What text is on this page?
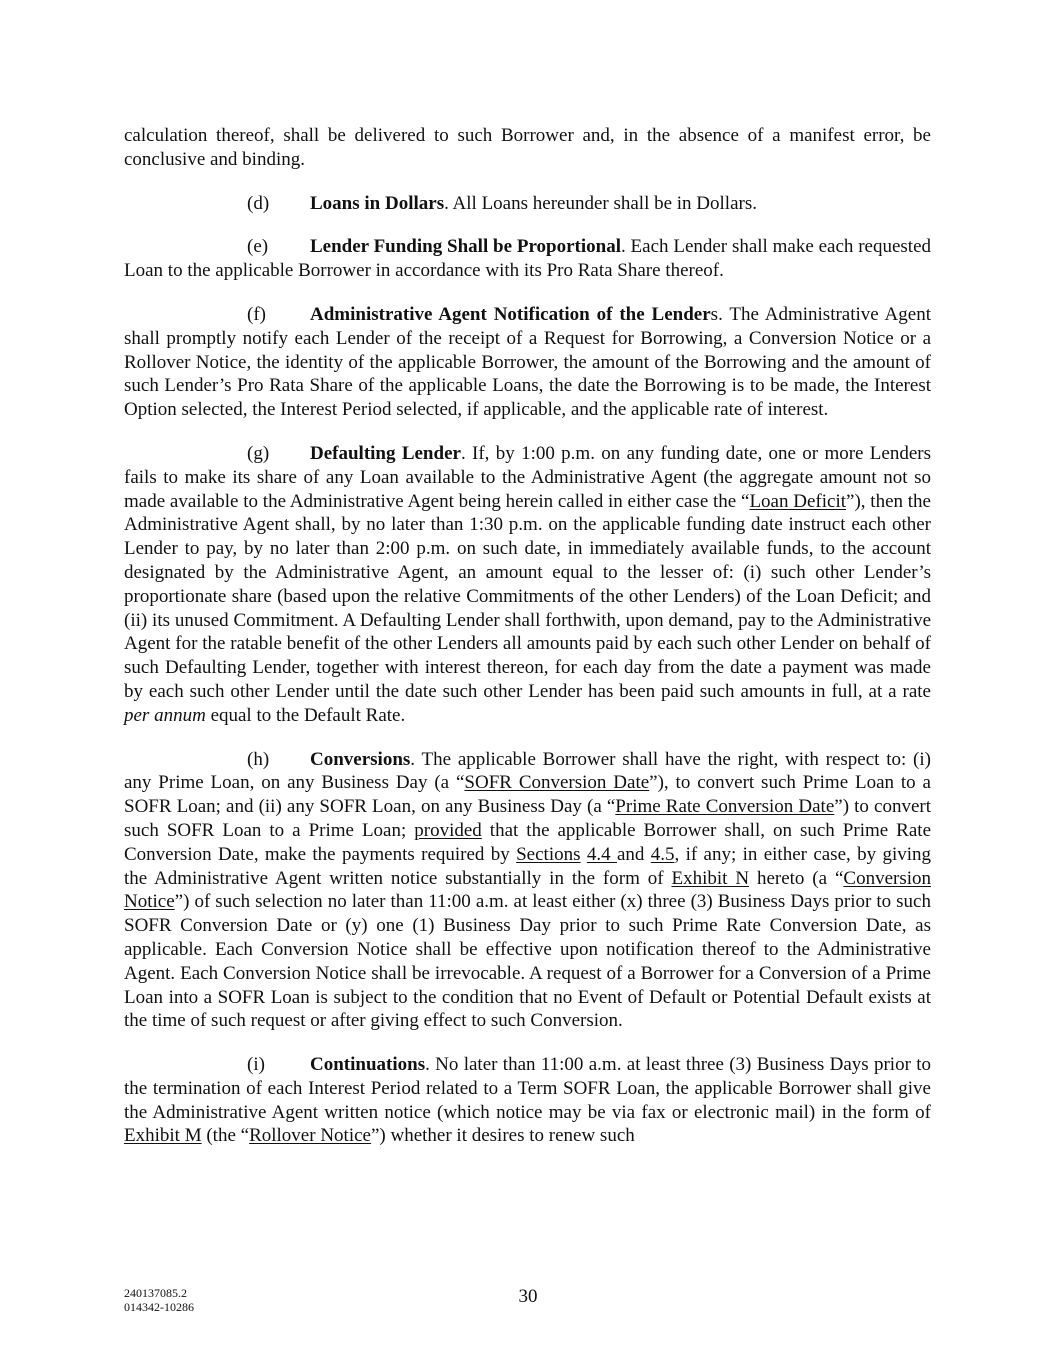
calculation thereof, shall be delivered to such Borrower and, in the absence of a manifest error, be conclusive and binding.

(d) Loans in Dollars. All Loans hereunder shall be in Dollars.

(e) Lender Funding Shall be Proportional. Each Lender shall make each requested Loan to the applicable Borrower in accordance with its Pro Rata Share thereof.

(f) Administrative Agent Notification of the Lenders. The Administrative Agent shall promptly notify each Lender of the receipt of a Request for Borrowing, a Conversion Notice or a Rollover Notice, the identity of the applicable Borrower, the amount of the Borrowing and the amount of such Lender’s Pro Rata Share of the applicable Loans, the date the Borrowing is to be made, the Interest Option selected, the Interest Period selected, if applicable, and the applicable rate of interest.

(g) Defaulting Lender. If, by 1:00 p.m. on any funding date, one or more Lenders fails to make its share of any Loan available to the Administrative Agent (the aggregate amount not so made available to the Administrative Agent being herein called in either case the “Loan Deficit”), then the Administrative Agent shall, by no later than 1:30 p.m. on the applicable funding date instruct each other Lender to pay, by no later than 2:00 p.m. on such date, in immediately available funds, to the account designated by the Administrative Agent, an amount equal to the lesser of: (i) such other Lender’s proportionate share (based upon the relative Commitments of the other Lenders) of the Loan Deficit; and (ii) its unused Commitment. A Defaulting Lender shall forthwith, upon demand, pay to the Administrative Agent for the ratable benefit of the other Lenders all amounts paid by each such other Lender on behalf of such Defaulting Lender, together with interest thereon, for each day from the date a payment was made by each such other Lender until the date such other Lender has been paid such amounts in full, at a rate per annum equal to the Default Rate.

(h) Conversions. The applicable Borrower shall have the right, with respect to: (i) any Prime Loan, on any Business Day (a “SOFR Conversion Date”), to convert such Prime Loan to a SOFR Loan; and (ii) any SOFR Loan, on any Business Day (a “Prime Rate Conversion Date”) to convert such SOFR Loan to a Prime Loan; provided that the applicable Borrower shall, on such Prime Rate Conversion Date, make the payments required by Sections 4.4 and 4.5, if any; in either case, by giving the Administrative Agent written notice substantially in the form of Exhibit N hereto (a “Conversion Notice”) of such selection no later than 11:00 a.m. at least either (x) three (3) Business Days prior to such SOFR Conversion Date or (y) one (1) Business Day prior to such Prime Rate Conversion Date, as applicable. Each Conversion Notice shall be effective upon notification thereof to the Administrative Agent. Each Conversion Notice shall be irrevocable. A request of a Borrower for a Conversion of a Prime Loan into a SOFR Loan is subject to the condition that no Event of Default or Potential Default exists at the time of such request or after giving effect to such Conversion.

(i) Continuations. No later than 11:00 a.m. at least three (3) Business Days prior to the termination of each Interest Period related to a Term SOFR Loan, the applicable Borrower shall give the Administrative Agent written notice (which notice may be via fax or electronic mail) in the form of Exhibit M (the “Rollover Notice”) whether it desires to renew such

240137085.2
014342-10286	30
